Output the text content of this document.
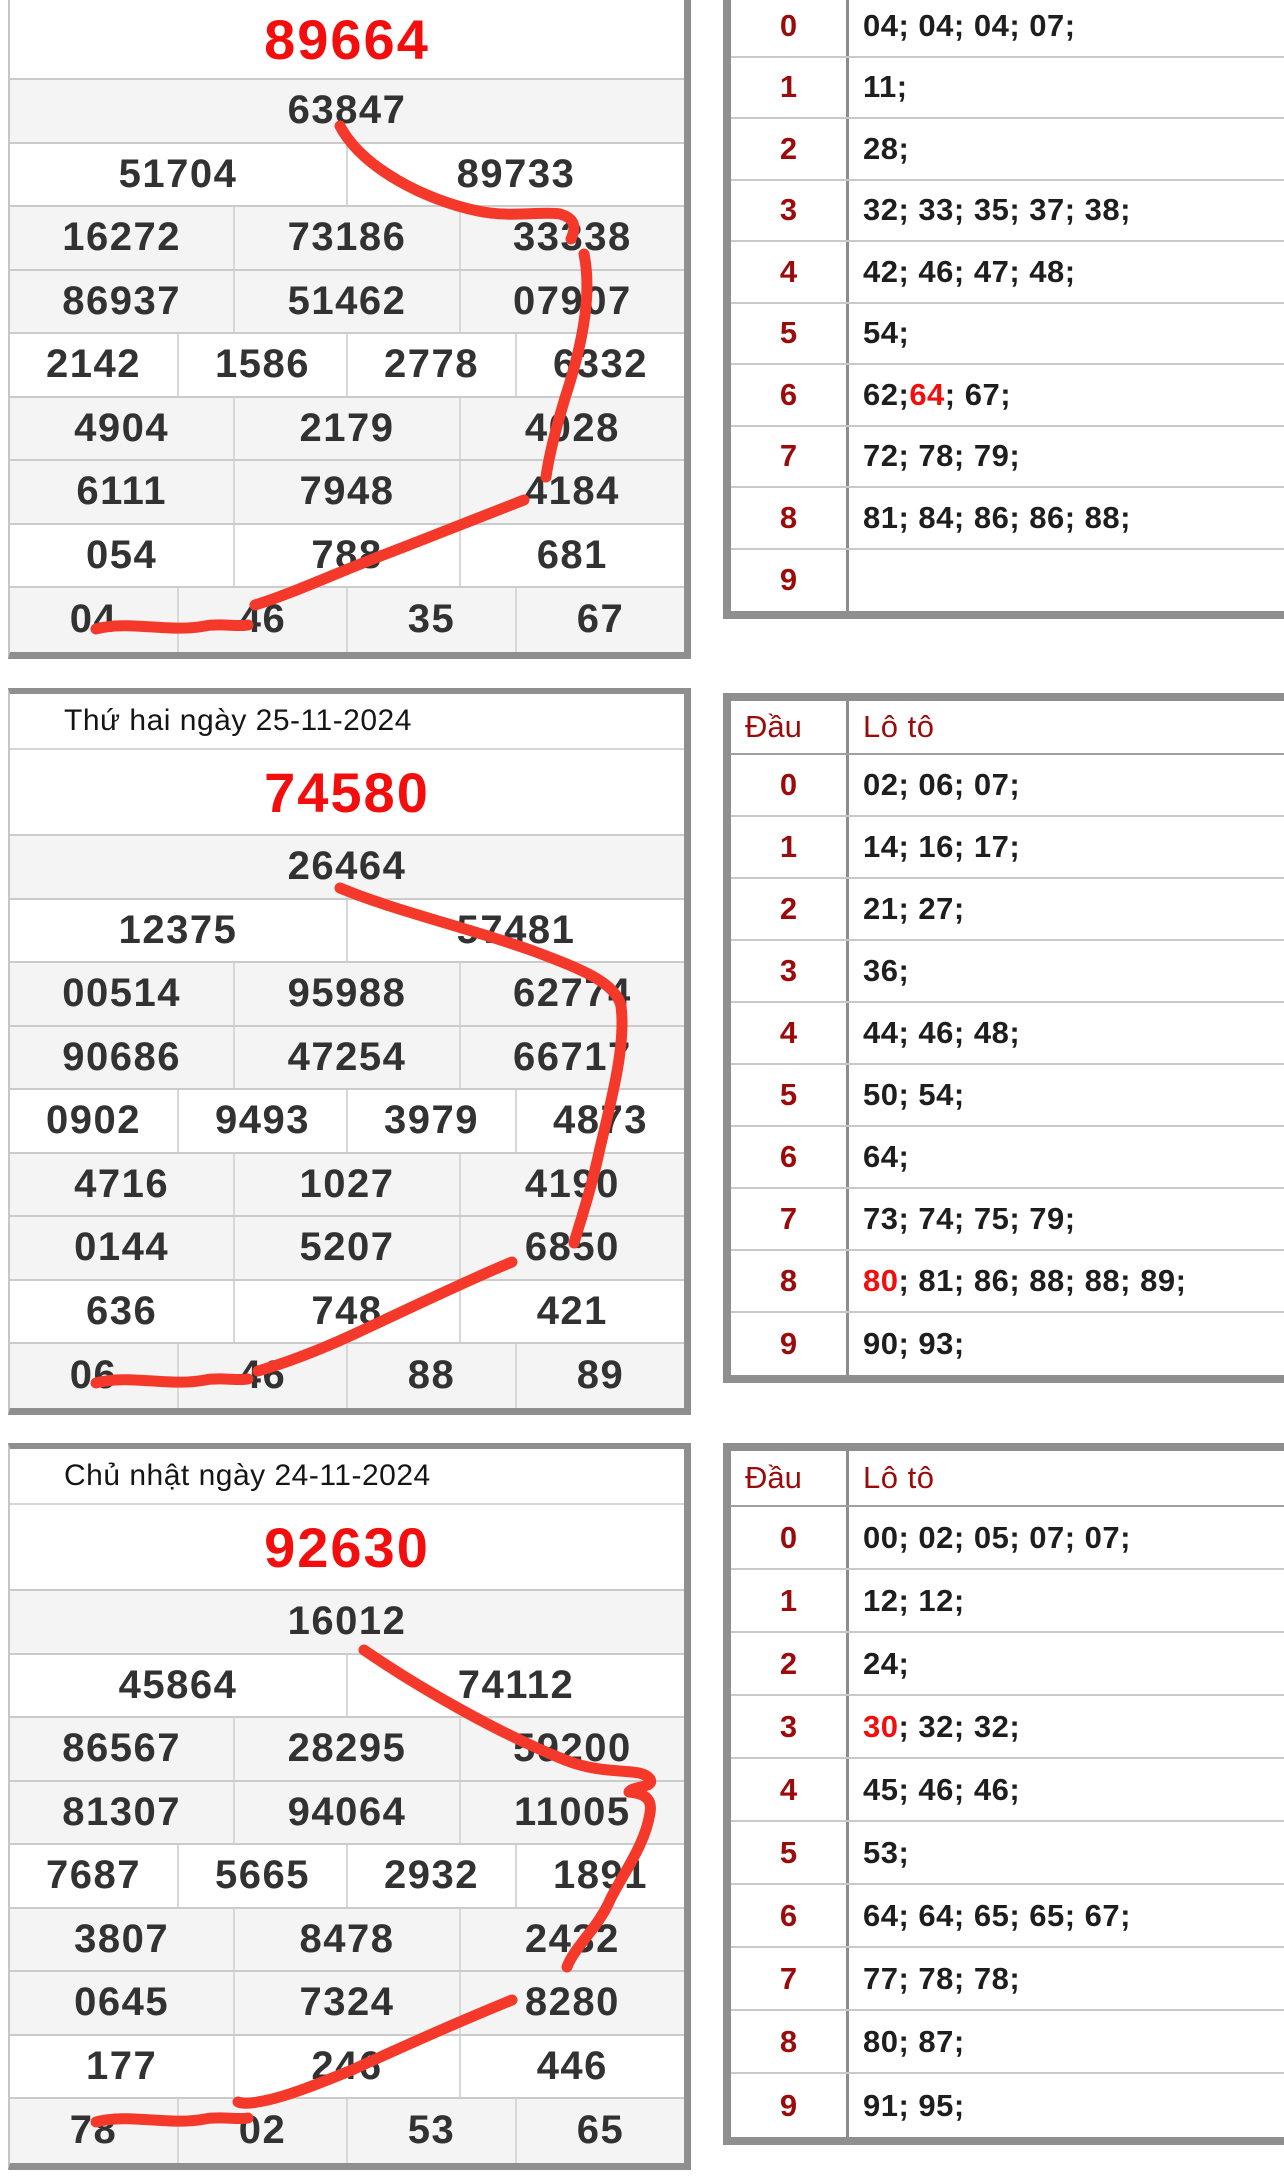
89664
63847
51704	89733
16272	73186	33338
86937	51462	07907
2142 1586 2778 6332
4904	2179	4028
6111	7948	4184
054	788	681
04	46	35	67
Thứ hai ngày 25-11-2024
74580
26464
12375	57481
00514	95988	62774
90686	47254	66717
0902 9493 3979 4873
4716	1027	4190
0144	5207	6850
636	748	421
06	46	88	89
Chủ nhật ngày 24-11-2024
92630
16012
45864	74112
86567	28295	59200
81307	94064	11005
7687 5665 2932 1891
3807	8478	2432
0645	7324	8280
177	246	446
78	02	53	65
0	04; 04; 04; 07;
1	11;
2	28;
3	32; 33; 35; 37; 38;
4	42; 46; 47; 48;
5	54;
6	62; 64 ; 67;
7	72; 78; 79;
8	81; 84; 86; 86; 88;
9
Đầu	Lô tô
0	02; 06; 07;
1	14; 16; 17;
2	21; 27;
3	36;
4	44; 46; 48;
5	50; 54;
6	64;
7	73; 74; 75; 79;
8	80 ; 81; 86; 88; 88; 89;
9	90; 93;
Đầu	Lô tô
0	00; 02; 05; 07; 07;
1	12; 12;
2	24;
3	30 ; 32; 32;
4	45; 46; 46;
5	53;
6	64; 64; 65; 65; 67;
7	77; 78; 78;
8	80; 87;
9	91; 95;
